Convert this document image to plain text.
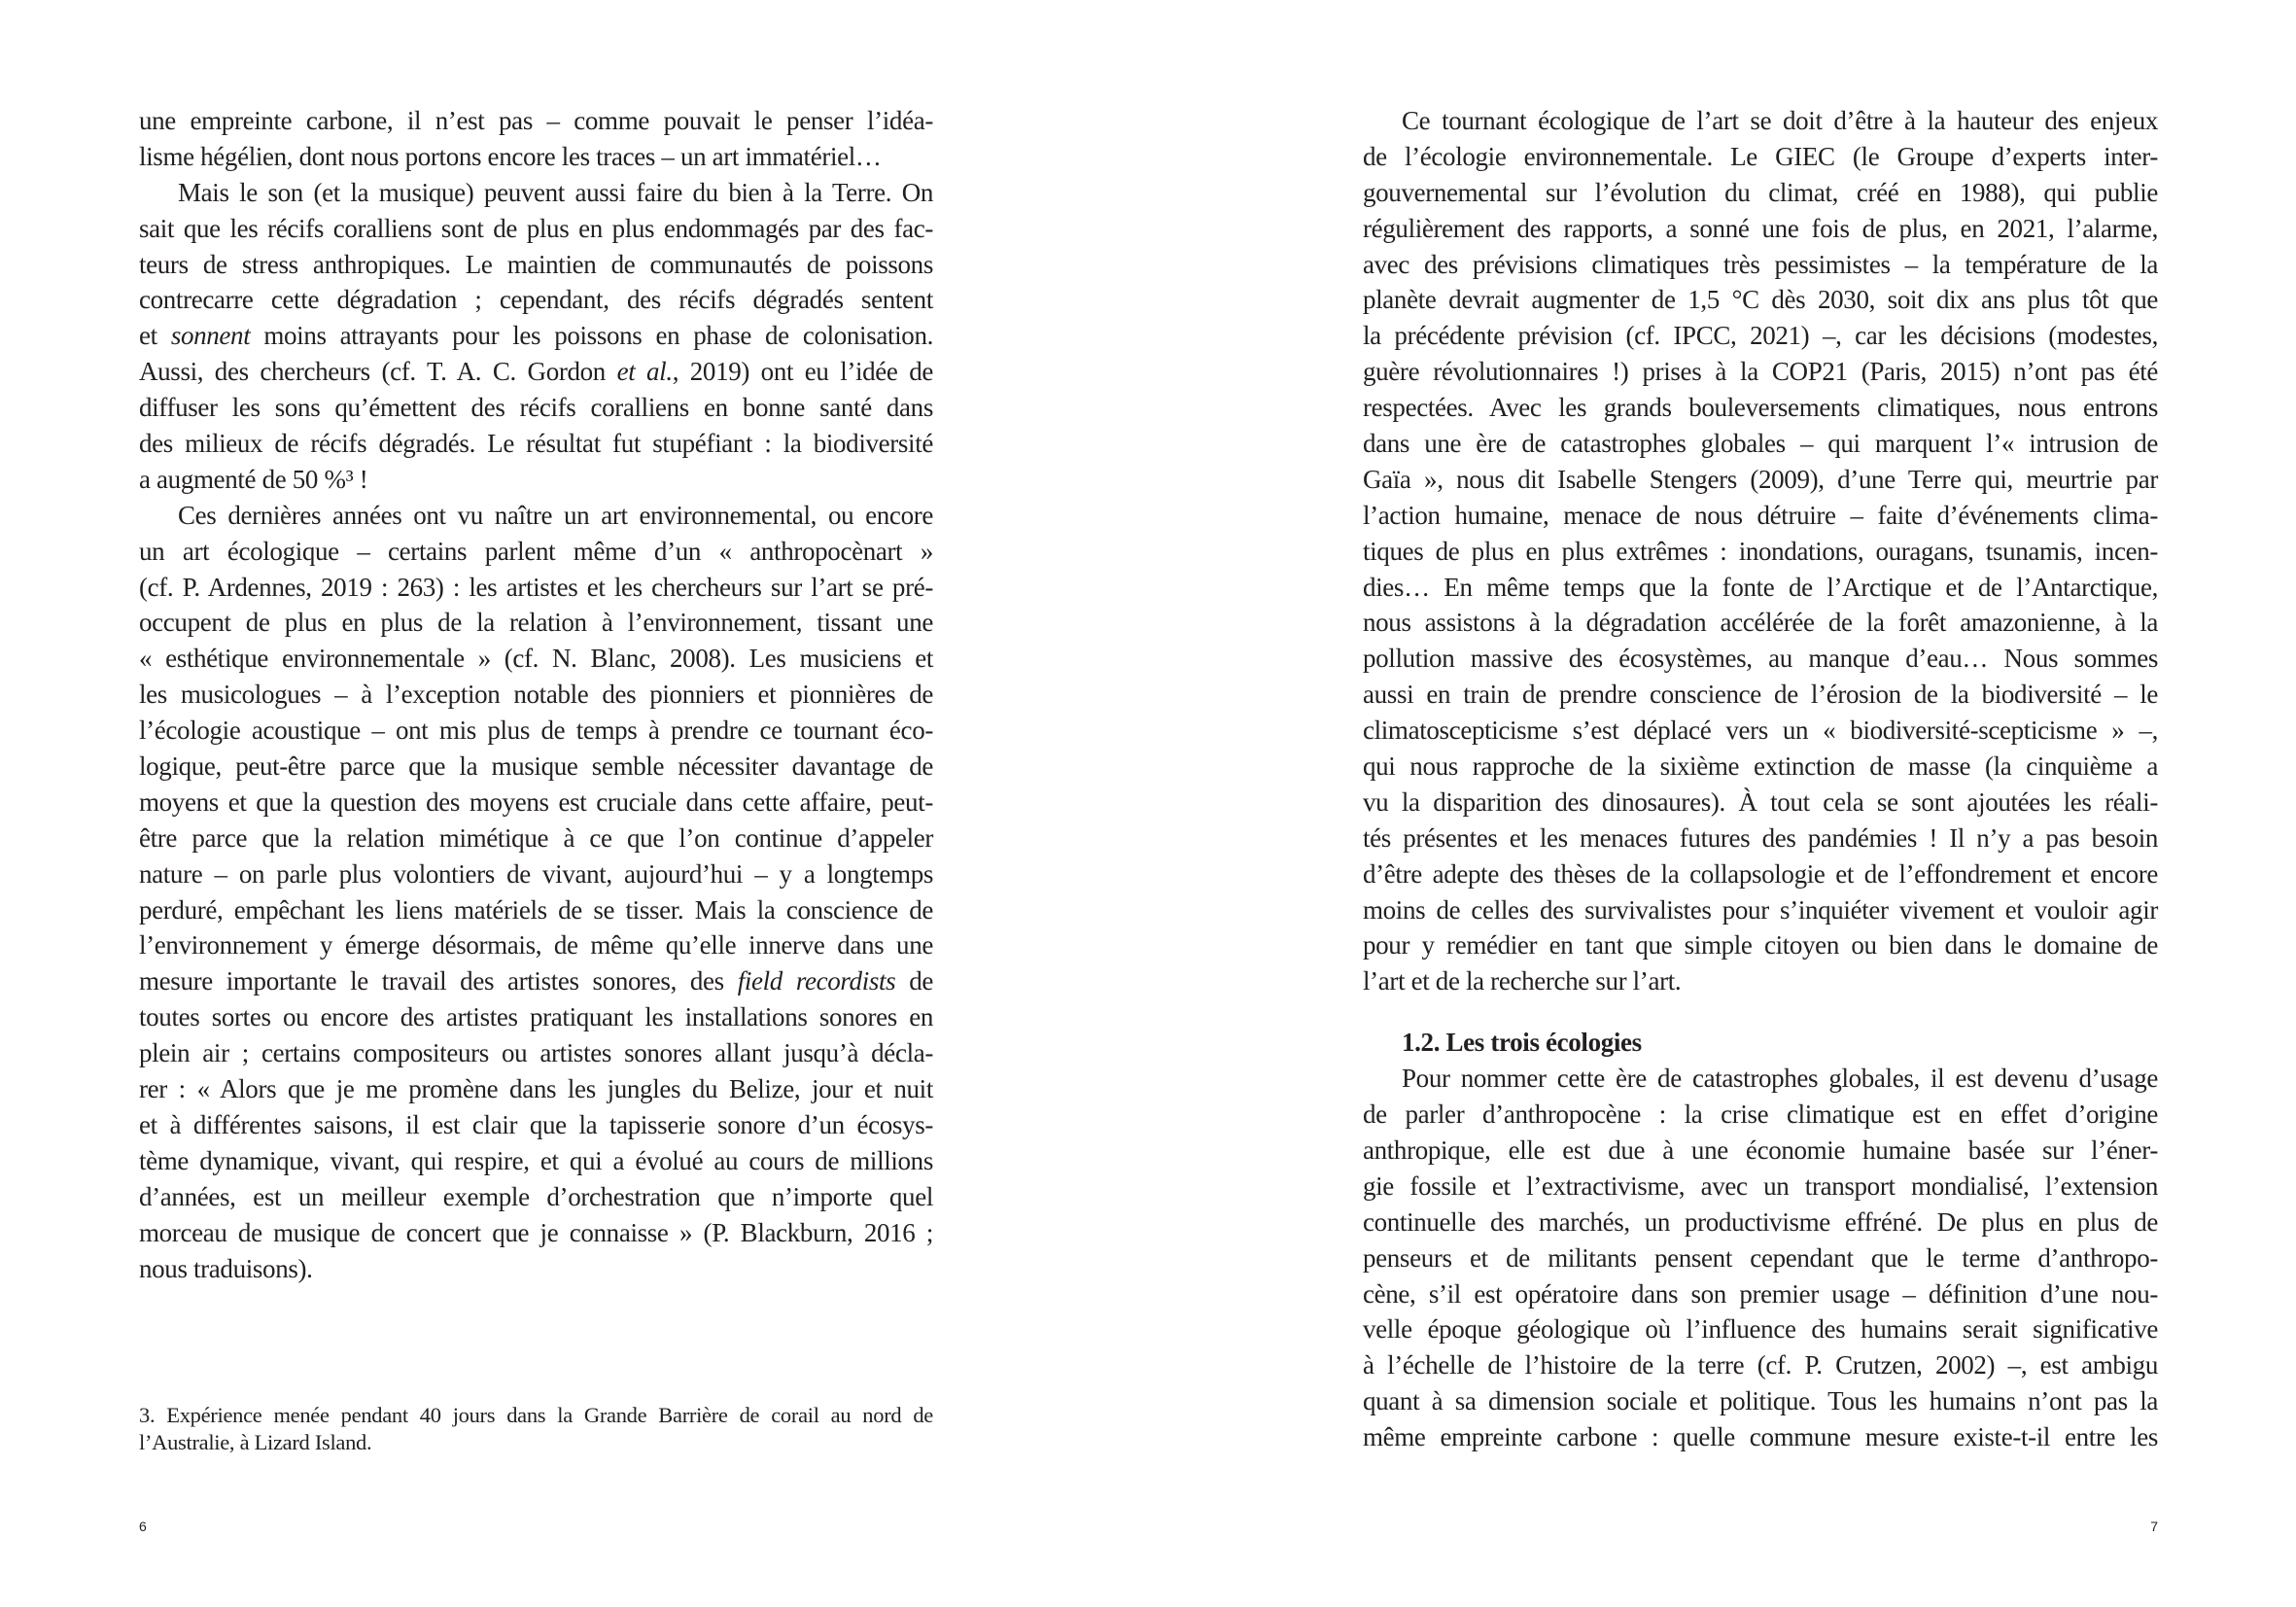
une empreinte carbone, il n’est pas – comme pouvait le penser l’idéa-
lisme hégélien, dont nous portons encore les traces – un art immatériel…
Mais le son (et la musique) peuvent aussi faire du bien à la Terre. On
sait que les récifs coralliens sont de plus en plus endommagés par des fac-
teurs de stress anthropiques. Le maintien de communautés de poissons
contrecarre cette dégradation ; cependant, des récifs dégradés sentent
et sonnent moins attrayants pour les poissons en phase de colonisation.
Aussi, des chercheurs (cf. T. A. C. Gordon et al., 2019) ont eu l’idée de
diffuser les sons qu’émettent des récifs coralliens en bonne santé dans
des milieux de récifs dégradés. Le résultat fut stupéfiant : la biodiversité
a augmenté de 50 %³ !
Ces dernières années ont vu naître un art environnemental, ou encore
un art écologique – certains parlent même d’un « anthropocènart »
(cf. P. Ardennes, 2019 : 263) : les artistes et les chercheurs sur l’art se pré-
occupent de plus en plus de la relation à l’environnement, tissant une
« esthétique environnementale » (cf. N. Blanc, 2008). Les musiciens et
les musicologues – à l’exception notable des pionniers et pionnières de
l’écologie acoustique – ont mis plus de temps à prendre ce tournant éco-
logique, peut-être parce que la musique semble nécessiter davantage de
moyens et que la question des moyens est cruciale dans cette affaire, peut-
être parce que la relation mimétique à ce que l’on continue d’appeler
nature – on parle plus volontiers de vivant, aujourd’hui – y a longtemps
perduré, empêchant les liens matériels de se tisser. Mais la conscience de
l’environnement y émerge désormais, de même qu’elle innerve dans une
mesure importante le travail des artistes sonores, des field recordists de
toutes sortes ou encore des artistes pratiquant les installations sonores en
plein air ; certains compositeurs ou artistes sonores allant jusqu’à décla-
rer : « Alors que je me promène dans les jungles du Belize, jour et nuit
et à différentes saisons, il est clair que la tapisserie sonore d’un écosys-
tème dynamique, vivant, qui respire, et qui a évolué au cours de millions
d’années, est un meilleur exemple d’orchestration que n’importe quel
morceau de musique de concert que je connaisse » (P. Blackburn, 2016 ;
nous traduisons).
3. Expérience menée pendant 40 jours dans la Grande Barrière de corail au nord de
l’Australie, à Lizard Island.
6
Ce tournant écologique de l’art se doit d’être à la hauteur des enjeux
de l’écologie environnementale. Le GIEC (le Groupe d’experts inter-
gouvernemental sur l’évolution du climat, créé en 1988), qui publie
régulièrement des rapports, a sonné une fois de plus, en 2021, l’alarme,
avec des prévisions climatiques très pessimistes – la température de la
planète devrait augmenter de 1,5 °C dès 2030, soit dix ans plus tôt que
la précédente prévision (cf. IPCC, 2021) –, car les décisions (modestes,
guère révolutionnaires !) prises à la COP21 (Paris, 2015) n’ont pas été
respectées. Avec les grands bouleversements climatiques, nous entrons
dans une ère de catastrophes globales – qui marquent l’« intrusion de
Gaïa », nous dit Isabelle Stengers (2009), d’une Terre qui, meurtrie par
l’action humaine, menace de nous détruire – faite d’événements clima-
tiques de plus en plus extrêmes : inondations, ouragans, tsunamis, incen-
dies… En même temps que la fonte de l’Arctique et de l’Antarctique,
nous assistons à la dégradation accélérée de la forêt amazonienne, à la
pollution massive des écosystèmes, au manque d’eau… Nous sommes
aussi en train de prendre conscience de l’érosion de la biodiversité – le
climatoscepticisme s’est déplacé vers un « biodiversité-scepticisme » –,
qui nous rapproche de la sixième extinction de masse (la cinquième a
vu la disparition des dinosaures). À tout cela se sont ajoutées les réali-
tés présentes et les menaces futures des pandémies ! Il n’y a pas besoin
d’être adepte des thèses de la collapsologie et de l’effondrement et encore
moins de celles des survivalistes pour s’inquiéter vivement et vouloir agir
pour y remédier en tant que simple citoyen ou bien dans le domaine de
l’art et de la recherche sur l’art.
1.2. Les trois écologies
Pour nommer cette ère de catastrophes globales, il est devenu d’usage
de parler d’anthropocène : la crise climatique est en effet d’origine
anthropique, elle est due à une économie humaine basée sur l’éner-
gie fossile et l’extractivisme, avec un transport mondialisé, l’extension
continuelle des marchés, un productivisme effréné. De plus en plus de
penseurs et de militants pensent cependant que le terme d’anthropo-
cène, s’il est opératoire dans son premier usage – définition d’une nou-
velle époque géologique où l’influence des humains serait significative
à l’échelle de l’histoire de la terre (cf. P. Crutzen, 2002) –, est ambigu
quant à sa dimension sociale et politique. Tous les humains n’ont pas la
même empreinte carbone : quelle commune mesure existe-t-il entre les
7
